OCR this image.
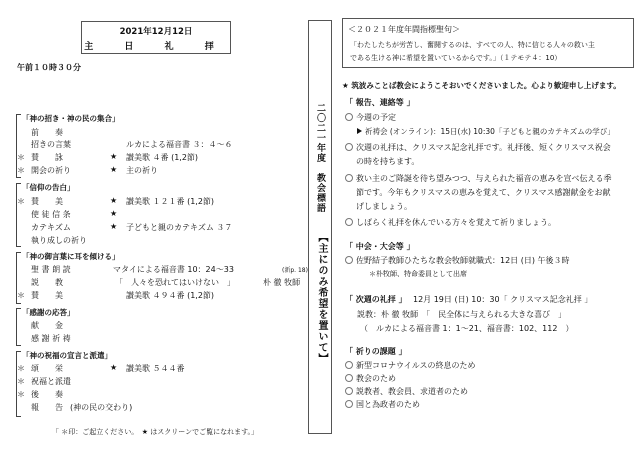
2021年12月12日
主 日 礼 拝
午前１０時３０分
「神の招き・神の民の集合」
前　　奏
招きの言葉	ルカによる福音書 ３：４～６
＊ 賛　　詠	★ 讃美歌 ４番 (1,2節)
＊ 開会の祈り	★ 主の祈り
「信仰の告白」
＊ 賛　　美	★ 讃美歌 １２１番 (1,2節)
使 徒 信 条	★
カテキズム	★ 子どもと親のカテキズム ３７
執り成しの祈り
「神の御言葉に耳を傾ける」
聖 書 朗 読	マタイによる福音書 10：24～33	(新p. 18)
説　　教	「　人々を恐れてはいけない　」	朴 徹 牧師
＊ 賛　　美	讃美歌 ４９４番 (1,2節)
「感謝の応答」
献　　金
感 謝 祈 祷
「神の祝福の宣言と派遣」
＊ 頌　　栄	★ 讃美歌 ５４４番
＊ 祝福と派遣
＊ 後　　奏
報　　告 (神の民の交わり)
「 ＊印：ご起立ください。　★ はスクリーンでご覧になれます。」
二〇二一年度　教会標語
【主にのみ希望を置いて】
＜２０２１年度年間指標聖句＞
「わたしたちが労苦し、奮闘するのは、すべての人、特に信じる人々の救い主
である生ける神に希望を置いているからです。」（１テモテ４：10）
★ 筑波みことば教会にようこそおいでくださいました。心より歓迎申し上げます。
「 報告、連絡等 」
今週の予定
祈祷会 (オンライン)：15日(水) 10:30「子どもと親のカテキズムの学び」
次週の礼拝は、クリスマス記念礼拝です。礼拝後、短くクリスマス祝会
の時を持ちます。
救い主のご降誕を待ち望みつつ、与えられた福音の恵みを宣べ伝える季
節です。今年もクリスマスの恵みを覚えて、クリスマス感謝献金をお献
げしましょう。
しばらく礼拝を休んでいる方々を覚えて祈りましょう。
「 中会・大会等 」
佐野結子教師ひたちな教会牧師就職式：12日 (日) 午後３時
＊朴牧師、特命委員として出席
「 次週の礼拝 」 12月 19日 (日) 10：30「 クリスマス記念礼拝 」
説教：朴 徹 牧師　「　民全体に与えられる大きな喜び　」
（　ルカによる福音書 1：1～21、福音書：102、112　）
「 祈りの課題 」
新型コロナウイルスの終息のため
教会のため
説教者、教会員、求道者のため
国と為政者のため
